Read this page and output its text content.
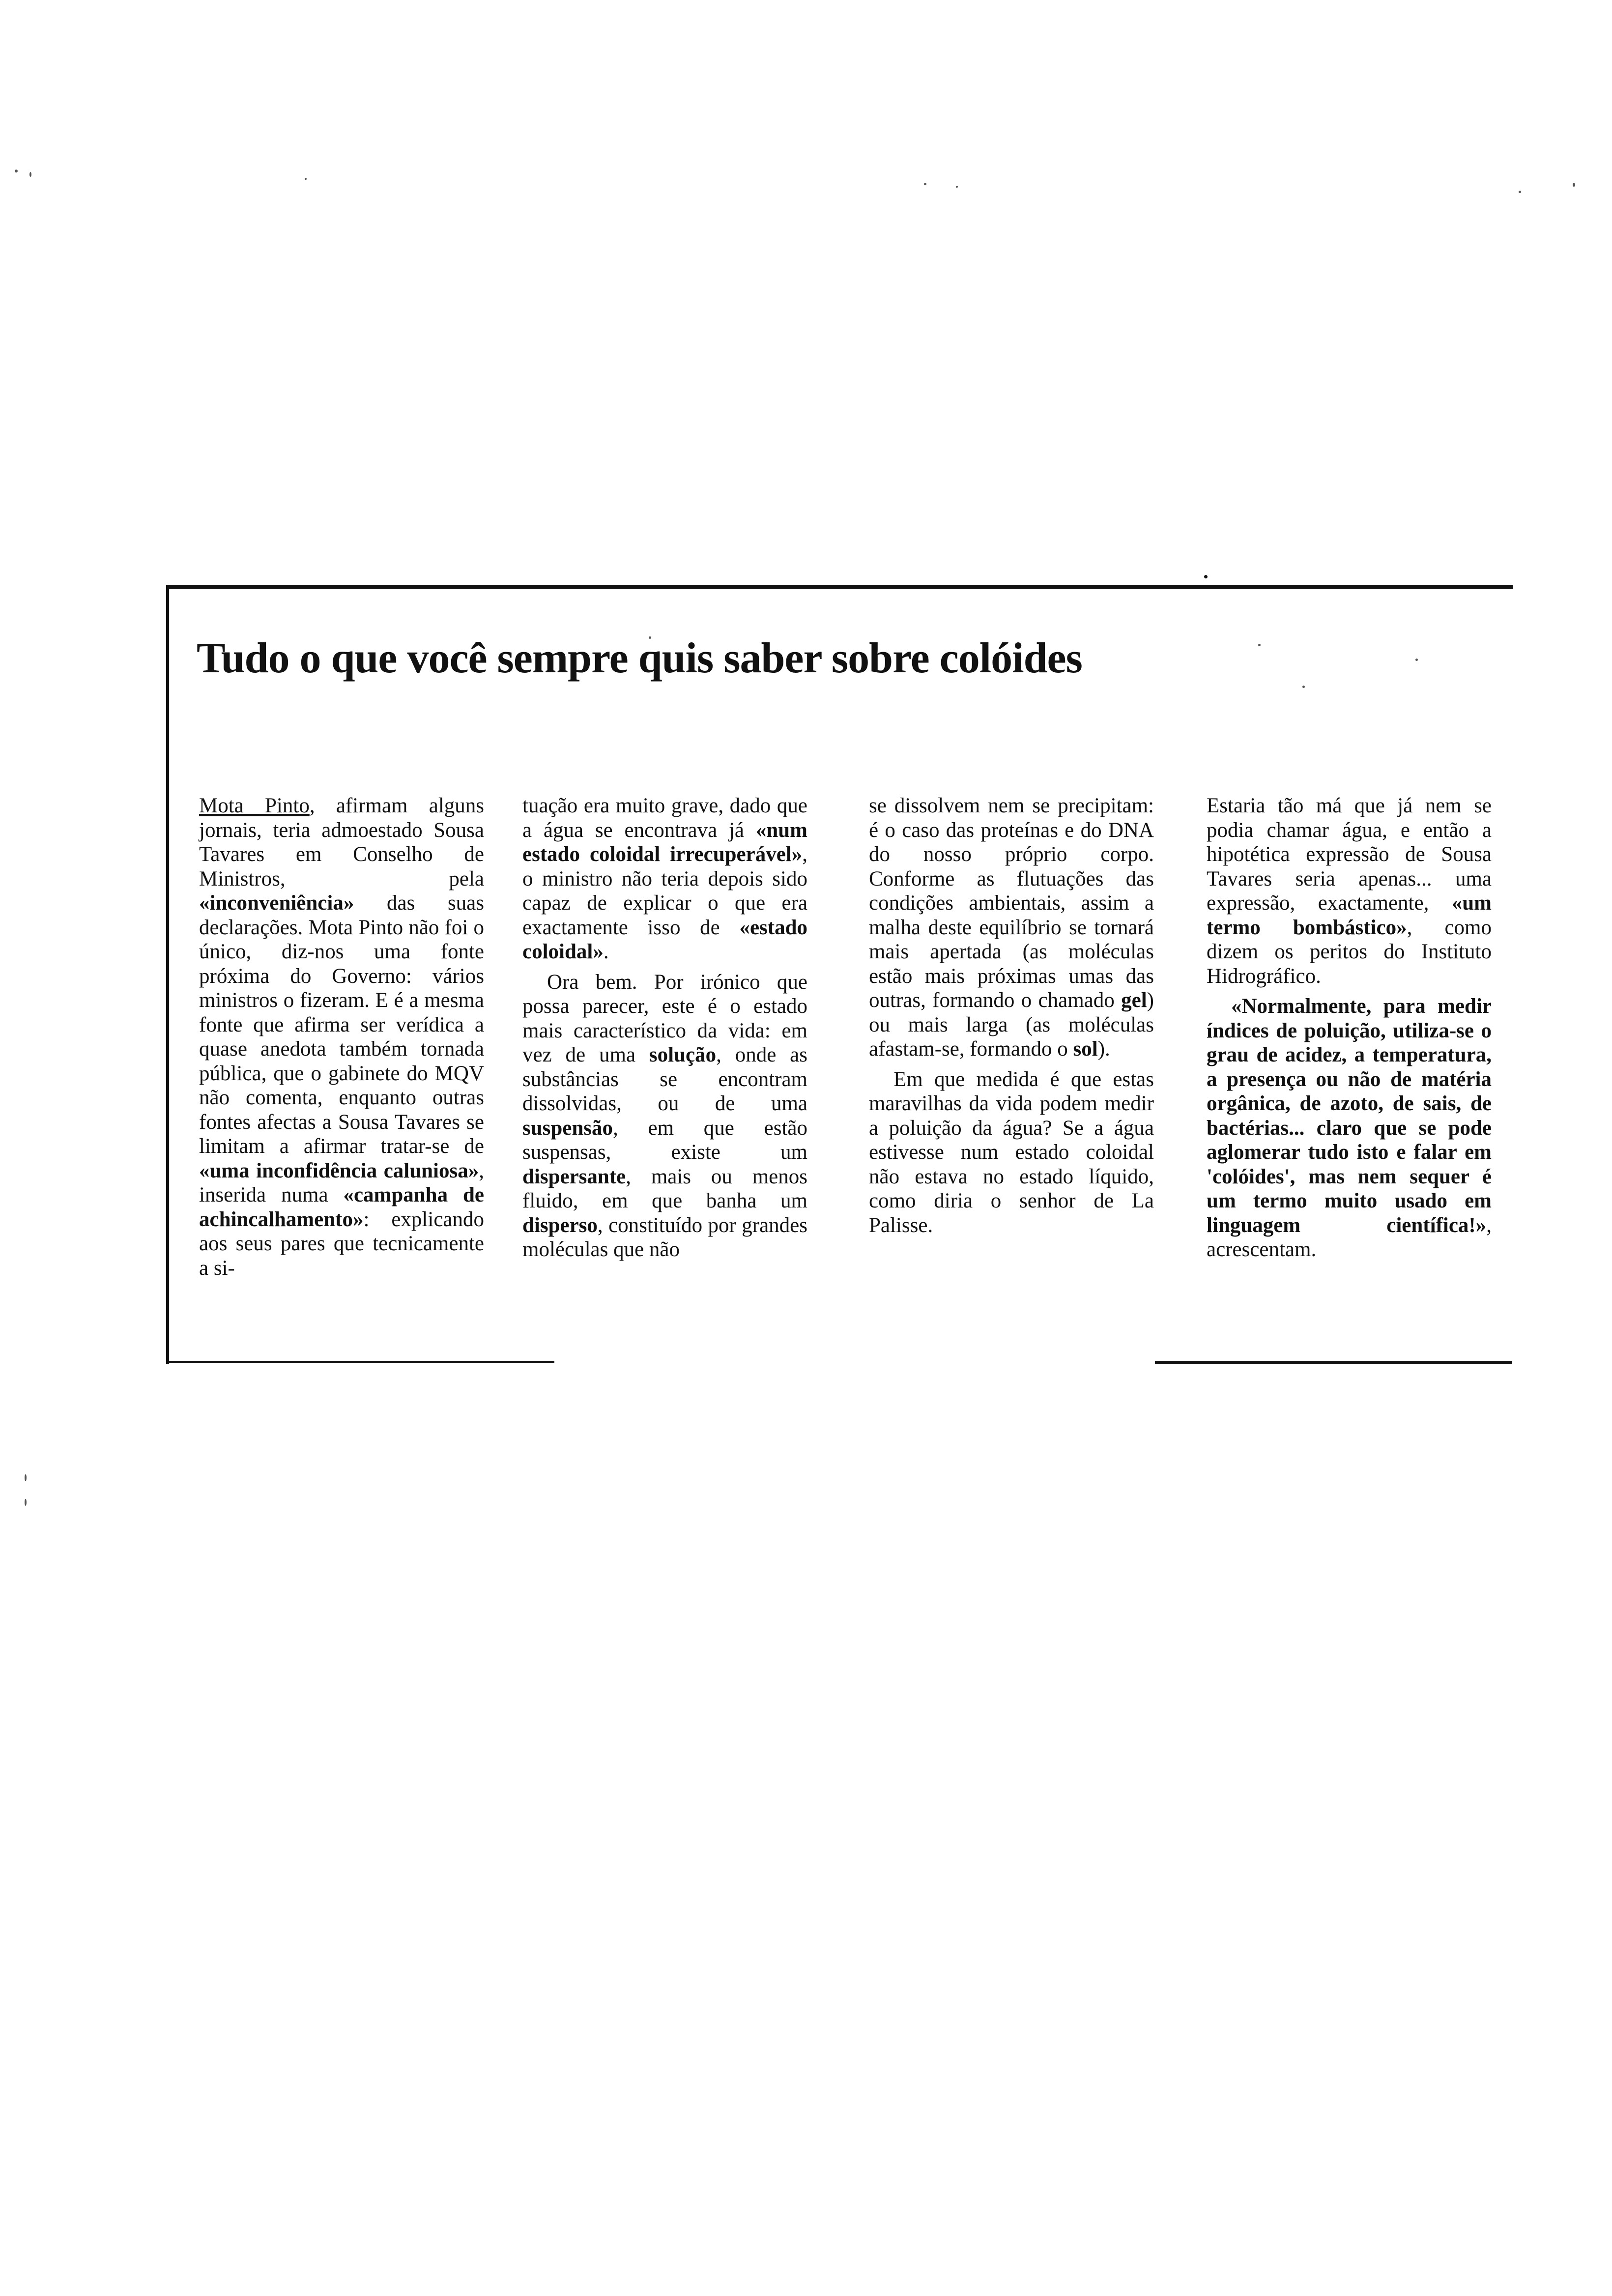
Tudo o que você sempre quis saber sobre colóides

Mota Pinto, afirmam alguns jornais, teria admoestado Sousa Tavares em Conselho de Ministros, pela «inconveniência» das suas declarações. Mota Pinto não foi o único, diz-nos uma fonte próxima do Governo: vários ministros o fizeram. E é a mesma fonte que afirma ser verídica a quase anedota também tornada pública, que o gabinete do MQV não comenta, enquanto outras fontes afectas a Sousa Tavares se limitam a afirmar tratar-se de «uma inconfidência caluniosa», inserida numa «campanha de achincalhamento»: explicando aos seus pares que tecnicamente a si-

tuação era muito grave, dado que a água se encontrava já «num estado coloidal irrecuperável», o ministro não teria depois sido capaz de explicar o que era exactamente isso de «estado coloidal».

Ora bem. Por irónico que possa parecer, este é o estado mais característico da vida: em vez de uma solução, onde as substâncias se encontram dissolvidas, ou de uma suspensão, em que estão suspensas, existe um dispersante, mais ou menos fluido, em que banha um disperso, constituído por grandes moléculas que não

se dissolvem nem se precipitam: é o caso das proteínas e do DNA do nosso próprio corpo. Conforme as flutuações das condições ambientais, assim a malha deste equilíbrio se tornará mais apertada (as moléculas estão mais próximas umas das outras, formando o chamado gel) ou mais larga (as moléculas afastam-se, formando o sol).

Em que medida é que estas maravilhas da vida podem medir a poluição da água? Se a água estivesse num estado coloidal não estava no estado líquido, como diria o senhor de La Palisse.

Estaria tão má que já nem se podia chamar água, e então a hipotética expressão de Sousa Tavares seria apenas... uma expressão, exactamente, «um termo bombástico», como dizem os peritos do Instituto Hidrográfico.

«Normalmente, para medir índices de poluição, utiliza-se o grau de acidez, a temperatura, a presença ou não de matéria orgânica, de azoto, de sais, de bactérias... claro que se pode aglomerar tudo isto e falar em 'colóides', mas nem sequer é um termo muito usado em linguagem científica!», acrescentam.
